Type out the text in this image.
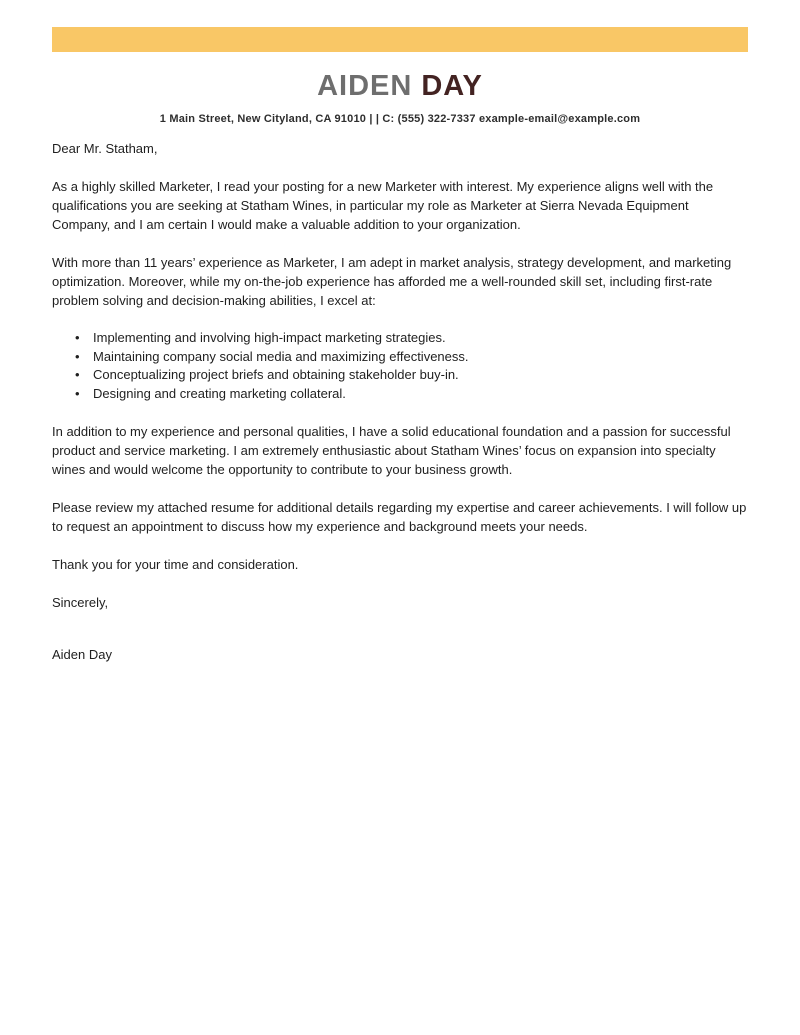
AIDEN DAY
1 Main Street, New Cityland, CA 91010 | | C: (555) 322-7337 example-email@example.com

Dear Mr. Statham,

As a highly skilled Marketer, I read your posting for a new Marketer with interest. My experience aligns well with the qualifications you are seeking at Statham Wines, in particular my role as Marketer at Sierra Nevada Equipment Company, and I am certain I would make a valuable addition to your organization.

With more than 11 years’ experience as Marketer, I am adept in market analysis, strategy development, and marketing optimization. Moreover, while my on-the-job experience has afforded me a well-rounded skill set, including first-rate problem solving and decision-making abilities, I excel at:

• Implementing and involving high-impact marketing strategies.
• Maintaining company social media and maximizing effectiveness.
• Conceptualizing project briefs and obtaining stakeholder buy-in.
• Designing and creating marketing collateral.

In addition to my experience and personal qualities, I have a solid educational foundation and a passion for successful product and service marketing. I am extremely enthusiastic about Statham Wines’ focus on expansion into specialty wines and would welcome the opportunity to contribute to your business growth.

Please review my attached resume for additional details regarding my expertise and career achievements. I will follow up to request an appointment to discuss how my experience and background meets your needs.

Thank you for your time and consideration.

Sincerely,

Aiden Day
